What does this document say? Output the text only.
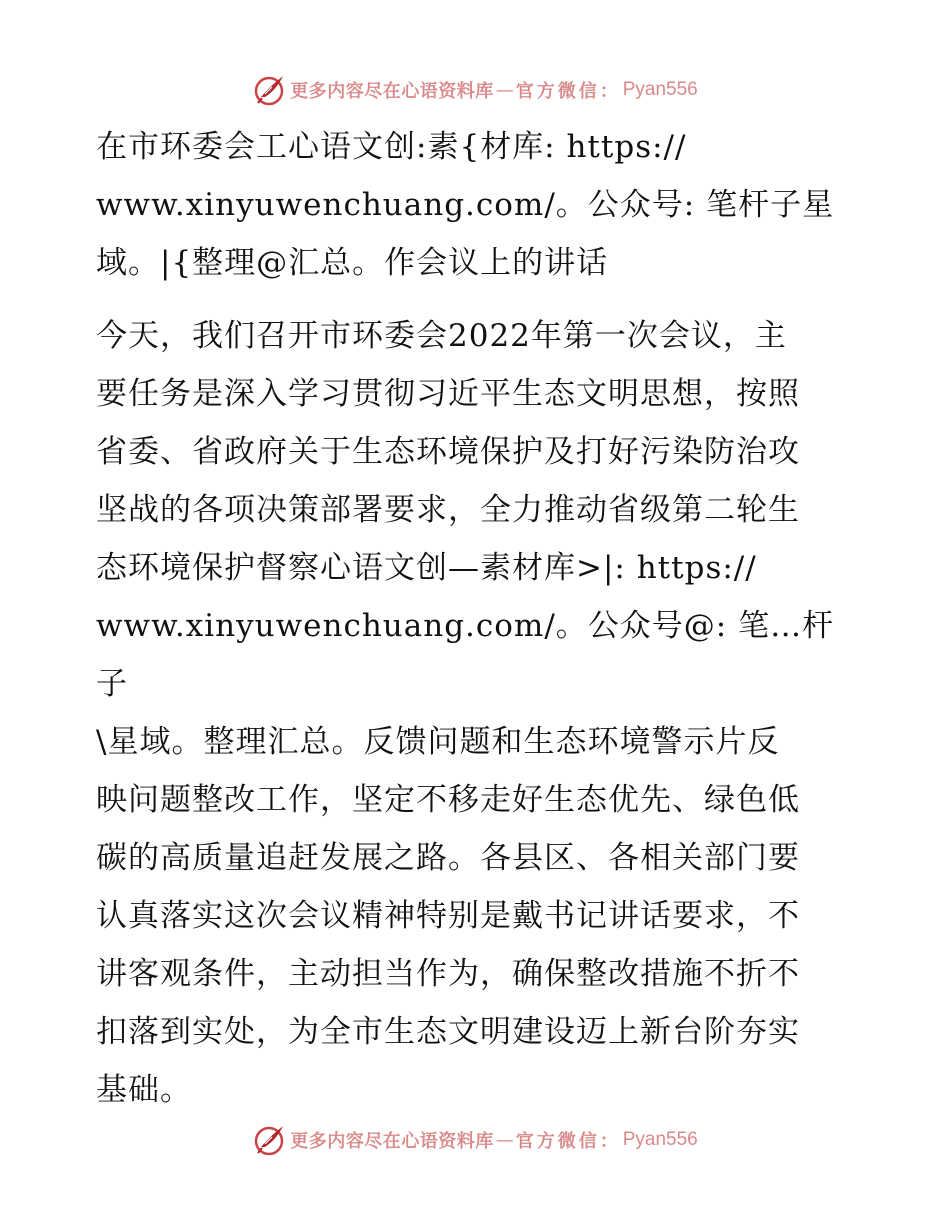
更多内容尽在心语资料库 — 官方微信： Pyan556

在市环委会工心语文创:素{材库: https://
www.xinyuwenchuang.com/。公众号: 笔杆子星
域。|{整理@汇总。作会议上的讲话

今天，我们召开市环委会2022年第一次会议，主
要任务是深入学习贯彻习近平生态文明思想，按照
省委、省政府关于生态环境保护及打好污染防治攻
坚战的各项决策部署要求，全力推动省级第二轮生
态环境保护督察心语文创—素材库>|: https://
www.xinyuwenchuang.com/。公众号@: 笔…杆子
\星域。整理汇总。反馈问题和生态环境警示片反
映问题整改工作，坚定不移走好生态优先、绿色低
碳的高质量追赶发展之路。各县区、各相关部门要
认真落实这次会议精神特别是戴书记讲话要求，不
讲客观条件，主动担当作为，确保整改措施不折不
扣落到实处，为全市生态文明建设迈上新台阶夯实
基础。

更多内容尽在心语资料库 — 官方微信： Pyan556
